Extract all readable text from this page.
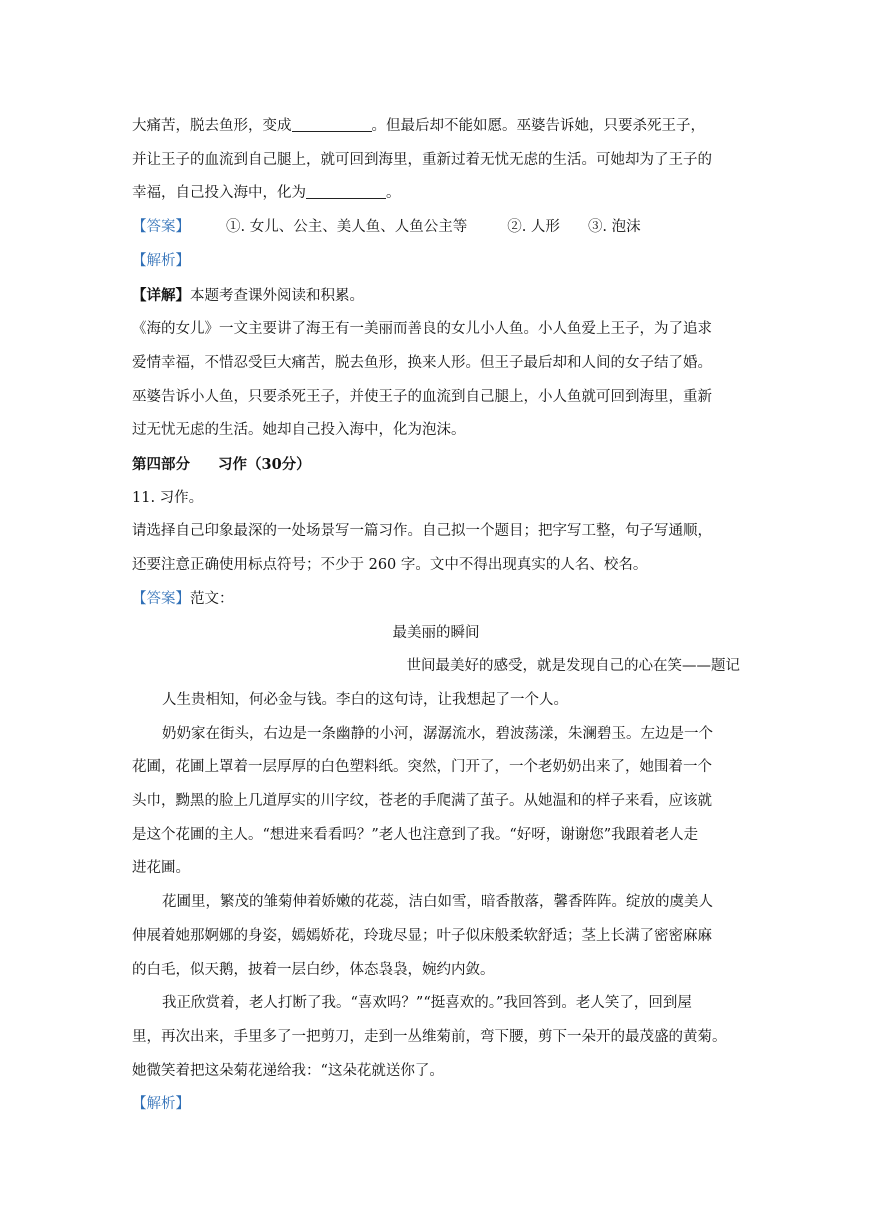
大痛苦，脱去鱼形，变成	。但最后却不能如愿。巫婆告诉她，只要杀死王子，
并让王子的血流到自己腿上，就可回到海里，重新过着无忧无虑的生活。可她却为了王子的
幸福，自己投入海中，化为	。
【答案】 ①. 女儿、公主、美人鱼、人鱼公主等	②. 人形 ③. 泡沫
【解析】
【详解】本题考查课外阅读和积累。
《海的女儿》一文主要讲了海王有一美丽而善良的女儿小人鱼。小人鱼爱上王子，为了追求
爱情幸福，不惜忍受巨大痛苦，脱去鱼形，换来人形。但王子最后却和人间的女子结了婚。
巫婆告诉小人鱼，只要杀死王子，并使王子的血流到自己腿上，小人鱼就可回到海里，重新
过无忧无虑的生活。她却自己投入海中，化为泡沫。
第四部分 习作（30分）
11. 习作。
请选择自己印象最深的一处场景写一篇习作。自己拟一个题目；把字写工整，句子写通顺，
还要注意正确使用标点符号；不少于 260 字。文中不得出现真实的人名、校名。
【答案】范文：
最美丽的瞬间
世间最美好的感受，就是发现自己的心在笑——题记
人生贵相知，何必金与钱。李白的这句诗，让我想起了一个人。
奶奶家在街头，右边是一条幽静的小河，潺潺流水，碧波荡漾，朱澜碧玉。左边是一个
花圃，花圃上罩着一层厚厚的白色塑料纸。突然，门开了，一个老奶奶出来了，她围着一个
头巾，黝黑的脸上几道厚实的川字纹，苍老的手爬满了茧子。从她温和的样子来看，应该就
是这个花圃的主人。“想进来看看吗？”老人也注意到了我。“好呀，谢谢您”我跟着老人走
进花圃。
花圃里，繁茂的雏菊伸着娇嫩的花蕊，洁白如雪，暗香散落，馨香阵阵。绽放的虞美人
伸展着她那婀娜的身姿，嫣嫣娇花，玲珑尽显；叶子似床般柔软舒适；茎上长满了密密麻麻
的白毛，似天鹅，披着一层白纱，体态袅袅，婉约内敛。
我正欣赏着，老人打断了我。“喜欢吗？”“挺喜欢的。”我回答到。老人笑了，回到屋
里，再次出来，手里多了一把剪刀，走到一丛维菊前，弯下腰，剪下一朵开的最茂盛的黄菊。
她微笑着把这朵菊花递给我：“这朵花就送你了。
【解析】
